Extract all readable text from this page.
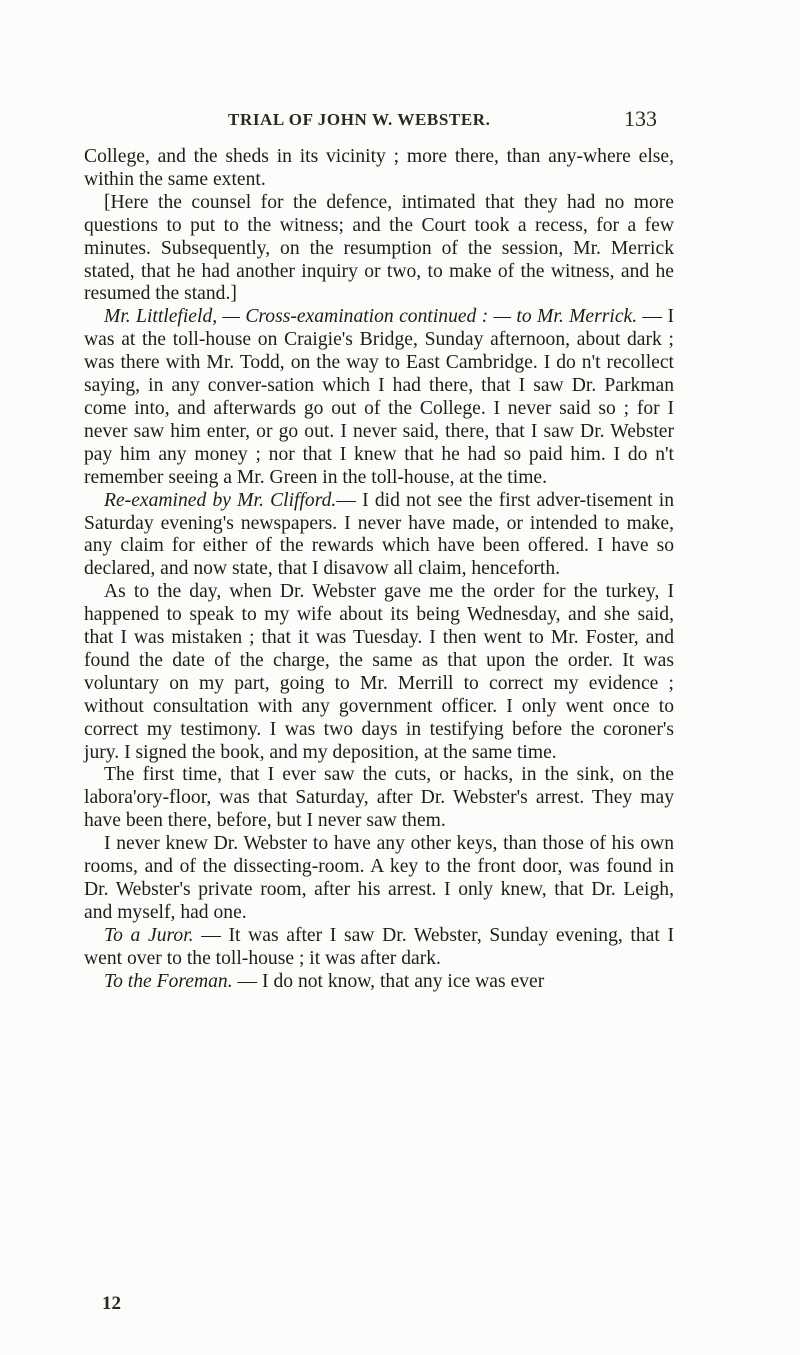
TRIAL OF JOHN W. WEBSTER.	133

College, and the sheds in its vicinity ; more there, than any-where else, within the same extent.

[Here the counsel for the defence, intimated that they had no more questions to put to the witness; and the Court took a recess, for a few minutes. Subsequently, on the resumption of the session, Mr. Merrick stated, that he had another inquiry or two, to make of the witness, and he resumed the stand.]

Mr. Littlefield, — Cross-examination continued : — to Mr. Merrick. — I was at the toll-house on Craigie's Bridge, Sunday afternoon, about dark ; was there with Mr. Todd, on the way to East Cambridge. I do n't recollect saying, in any conver-sation which I had there, that I saw Dr. Parkman come into, and afterwards go out of the College. I never said so ; for I never saw him enter, or go out. I never said, there, that I saw Dr. Webster pay him any money ; nor that I knew that he had so paid him. I do n't remember seeing a Mr. Green in the toll-house, at the time.

Re-examined by Mr. Clifford.— I did not see the first adver-tisement in Saturday evening's newspapers. I never have made, or intended to make, any claim for either of the rewards which have been offered. I have so declared, and now state, that I disavow all claim, henceforth.

As to the day, when Dr. Webster gave me the order for the turkey, I happened to speak to my wife about its being Wednesday, and she said, that I was mistaken ; that it was Tuesday. I then went to Mr. Foster, and found the date of the charge, the same as that upon the order. It was voluntary on my part, going to Mr. Merrill to correct my evidence ; without consultation with any government officer. I only went once to correct my testimony. I was two days in testifying before the coroner's jury. I signed the book, and my deposition, at the same time.

The first time, that I ever saw the cuts, or hacks, in the sink, on the labora'ory-floor, was that Saturday, after Dr. Webster's arrest. They may have been there, before, but I never saw them.

I never knew Dr. Webster to have any other keys, than those of his own rooms, and of the dissecting-room. A key to the front door, was found in Dr. Webster's private room, after his arrest. I only knew, that Dr. Leigh, and myself, had one.

To a Juror. — It was after I saw Dr. Webster, Sunday evening, that I went over to the toll-house ; it was after dark.

To the Foreman. — I do not know, that any ice was ever

12
